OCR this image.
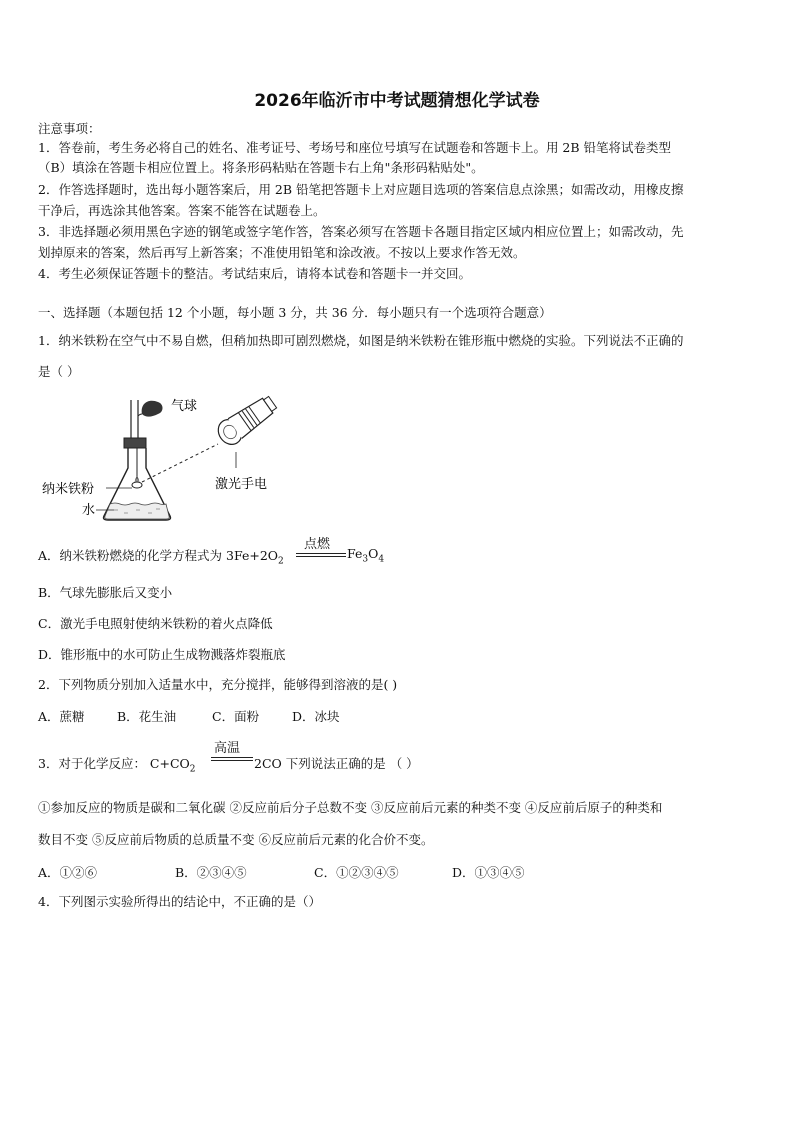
2026年临沂市中考试题猜想化学试卷
注意事项：
1．答卷前，考生务必将自己的姓名、准考证号、考场号和座位号填写在试题卷和答题卡上。用 2B 铅笔将试卷类型
（B）填涂在答题卡相应位置上。将条形码粘贴在答题卡右上角"条形码粘贴处"。
2．作答选择题时，选出每小题答案后，用 2B 铅笔把答题卡上对应题目选项的答案信息点涂黑；如需改动，用橡皮擦
干净后，再选涂其他答案。答案不能答在试题卷上。
3．非选择题必须用黑色字迹的钢笔或签字笔作答，答案必须写在答题卡各题目指定区域内相应位置上；如需改动，先
划掉原来的答案，然后再写上新答案；不准使用铅笔和涂改液。不按以上要求作答无效。
4．考生必须保证答题卡的整洁。考试结束后，请将本试卷和答题卡一并交回。
一、选择题（本题包括 12 个小题，每小题 3 分，共 36 分．每小题只有一个选项符合题意）
1．纳米铁粉在空气中不易自燃，但稍加热即可剧烈燃烧，如图是纳米铁粉在锥形瓶中燃烧的实验。下列说法不正确的
是（ ）
气球
纳米铁粉
水
激光手电
A．纳米铁粉燃烧的化学方程式为 $3Fe+2O_2$
点燃
$Fe_3O_4$
B．气球先膨胀后又变小
C．激光手电照射使纳米铁粉的着火点降低
D．锥形瓶中的水可防止生成物溅落炸裂瓶底
2．下列物质分别加入适量水中，充分搅拌，能够得到溶液的是( )
A．蔗糖	B．花生油	C．面粉	D．冰块
3．对于化学反应： $C+CO_2$
高温
2CO 下列说法正确的是 （ ）
①参加反应的物质是碳和二氧化碳 ②反应前后分子总数不变 ③反应前后元素的种类不变 ④反应前后原子的种类和
数目不变 ⑤反应前后物质的总质量不变 ⑥反应前后元素的化合价不变。
A．①②⑥	B．②③④⑤	C．①②③④⑤	D．①③④⑤
4．下列图示实验所得出的结论中，不正确的是（）
